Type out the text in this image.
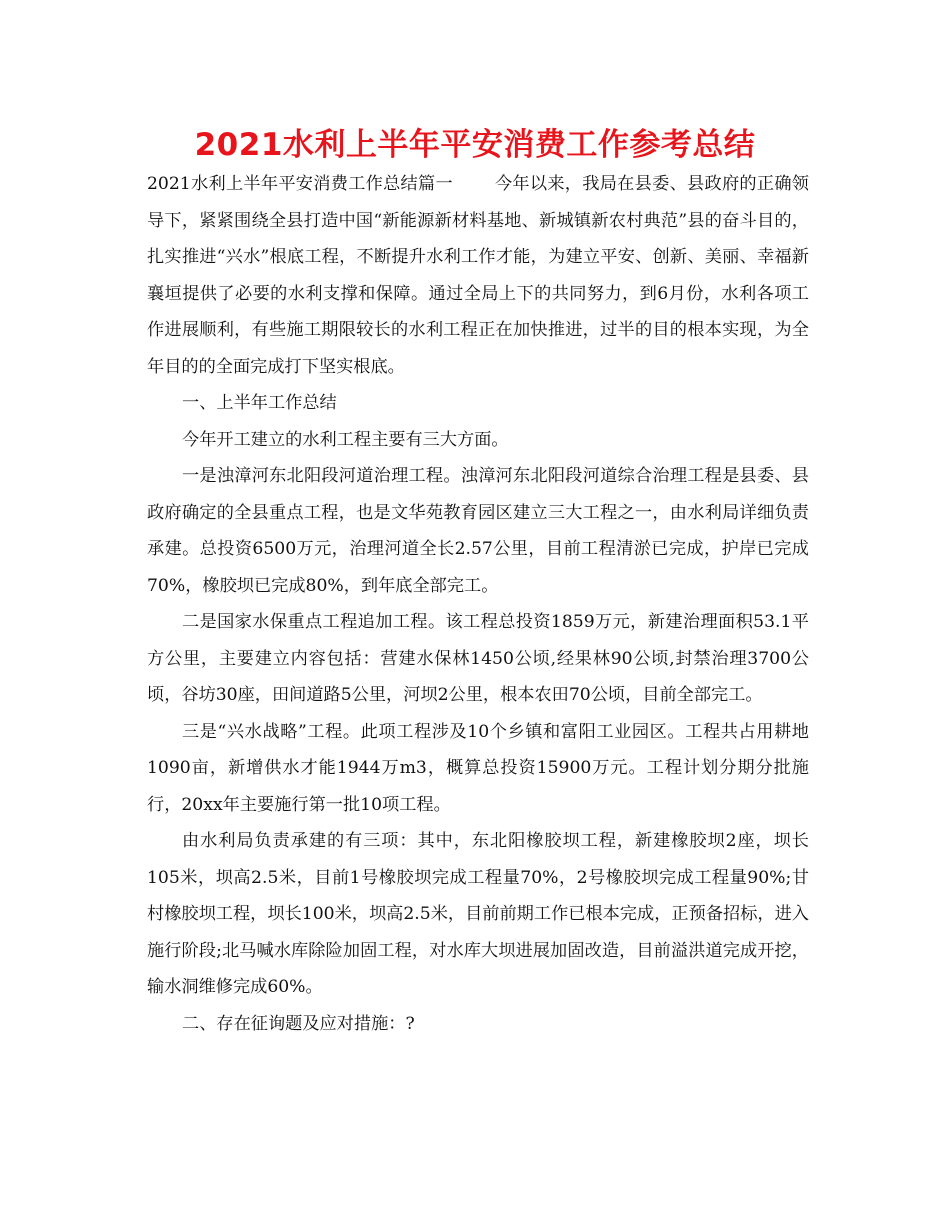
2021水利上半年平安消费工作参考总结

2021水利上半年平安消费工作总结篇一 今年以来，我局在县委、县政府的正确领导下，紧紧围绕全县打造中国“新能源新材料基地、新城镇新农村典范”县的奋斗目的，扎实推进“兴水”根底工程，不断提升水利工作才能，为建立平安、创新、美丽、幸福新襄垣提供了必要的水利支撑和保障。通过全局上下的共同努力，到6月份，水利各项工作进展顺利，有些施工期限较长的水利工程正在加快推进，过半的目的根本实现，为全年目的的全面完成打下坚实根底。

一、上半年工作总结

今年开工建立的水利工程主要有三大方面。

一是浊漳河东北阳段河道治理工程。浊漳河东北阳段河道综合治理工程是县委、县政府确定的全县重点工程，也是文华苑教育园区建立三大工程之一，由水利局详细负责承建。总投资6500万元，治理河道全长2.57公里，目前工程清淤已完成，护岸已完成70%，橡胶坝已完成80%，到年底全部完工。

二是国家水保重点工程追加工程。该工程总投资1859万元，新建治理面积53.1平方公里，主要建立内容包括：营建水保林1450公顷,经果林90公顷,封禁治理3700公顷，谷坊30座，田间道路5公里，河坝2公里，根本农田70公顷，目前全部完工。

三是“兴水战略”工程。此项工程涉及10个乡镇和富阳工业园区。工程共占用耕地1090亩，新增供水才能1944万m3，概算总投资15900万元。工程计划分期分批施行，20xx年主要施行第一批10项工程。

由水利局负责承建的有三项：其中，东北阳橡胶坝工程，新建橡胶坝2座，坝长105米，坝高2.5米，目前1号橡胶坝完成工程量70%，2号橡胶坝完成工程量90%;甘村橡胶坝工程，坝长100米，坝高2.5米，目前前期工作已根本完成，正预备招标，进入施行阶段;北马喊水库除险加固工程，对水库大坝进展加固改造，目前溢洪道完成开挖，输水洞维修完成60%。

二、存在征询题及应对措施：?
